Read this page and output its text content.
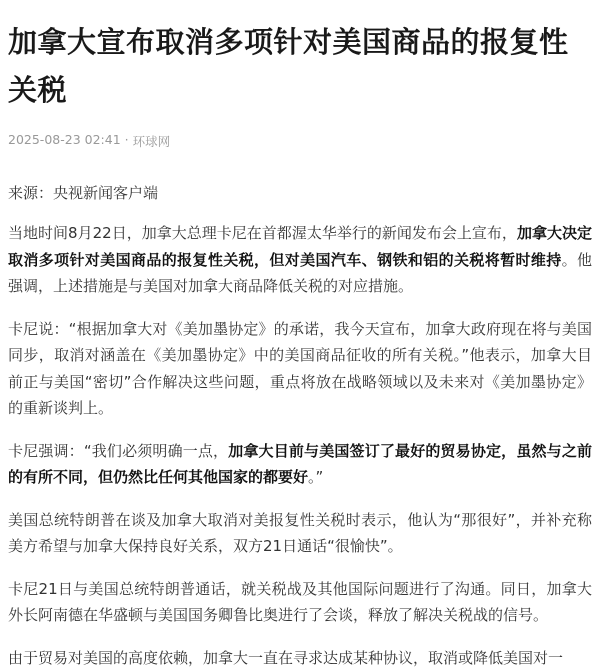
加拿大宣布取消多项针对美国商品的报复性关税
2025-08-23 02:41 · 环球网
来源：央视新闻客户端

当地时间8月22日，加拿大总理卡尼在首都渥太华举行的新闻发布会上宣布，加拿大决定取消多项针对美国商品的报复性关税，但对美国汽车、钢铁和铝的关税将暂时维持。他强调，上述措施是与美国对加拿大商品降低关税的对应措施。

卡尼说：“根据加拿大对《美加墨协定》的承诺，我今天宣布，加拿大政府现在将与美国同步，取消对涵盖在《美加墨协定》中的美国商品征收的所有关税。”他表示，加拿大目前正与美国“密切”合作解决这些问题，重点将放在战略领域以及未来对《美加墨协定》的重新谈判上。

卡尼强调：“我们必须明确一点，加拿大目前与美国签订了最好的贸易协定，虽然与之前的有所不同，但仍然比任何其他国家的都要好。”

美国总统特朗普在谈及加拿大取消对美报复性关税时表示，他认为“那很好”，并补充称美方希望与加拿大保持良好关系，双方21日通话“很愉快”。

卡尼21日与美国总统特朗普通话，就关税战及其他国际问题进行了沟通。同日，加拿大外长阿南德在华盛顿与美国国务卿鲁比奥进行了会谈，释放了解决关税战的信号。

由于贸易对美国的高度依赖，加拿大一直在寻求达成某种协议，取消或降低美国对一
